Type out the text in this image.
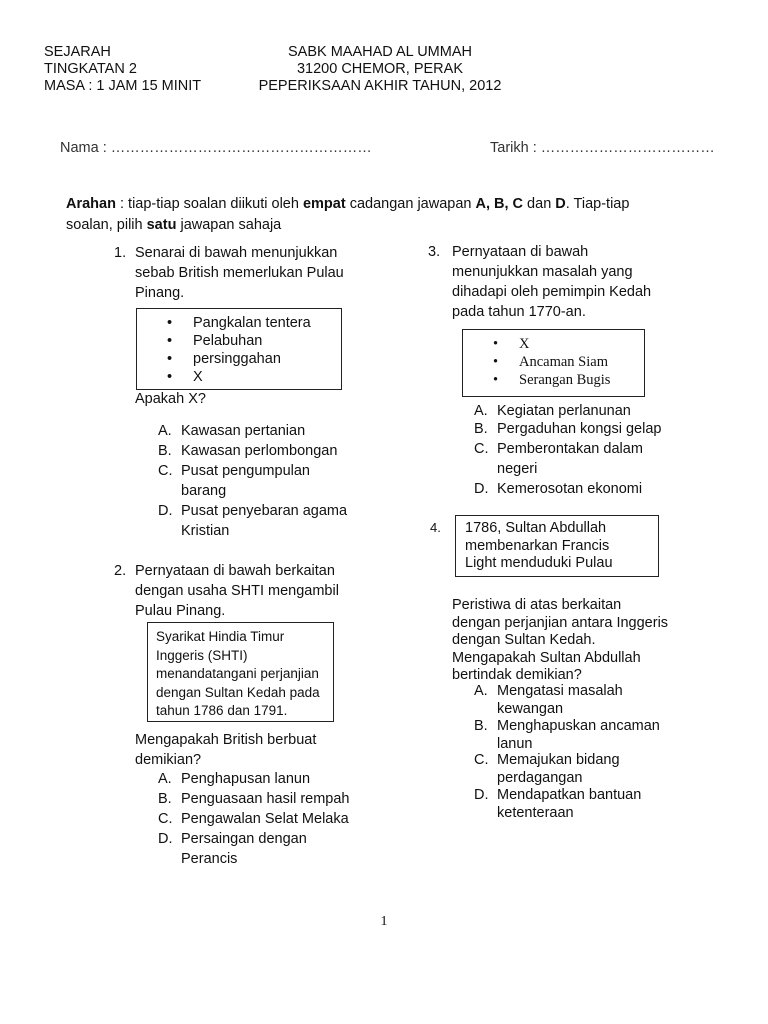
SEJARAH
TINGKATAN 2
MASA : 1 JAM 15 MINIT
SABK MAAHAD AL UMMAH
31200 CHEMOR, PERAK
PEPERIKSAAN AKHIR TAHUN, 2012
Nama : ………………………………………………	Tarikh : ………………………………
Arahan : tiap-tiap soalan diikuti oleh empat cadangan jawapan A, B, C dan D. Tiap-tiap soalan, pilih satu jawapan sahaja
1. Senarai di bawah menunjukkan
sebab British memerlukan Pulau
Pinang.
• Pangkalan tentera
• Pelabuhan
• persinggahan
• X
Apakah X?
A. Kawasan pertanian
B. Kawasan perlombongan
C. Pusat pengumpulan
barang
D. Pusat penyebaran agama
Kristian
2. Pernyataan di bawah berkaitan
dengan usaha SHTI mengambil
Pulau Pinang.
Syarikat Hindia Timur
Inggeris (SHTI)
menandatangani perjanjian
dengan Sultan Kedah pada
tahun 1786 dan 1791.
Mengapakah British berbuat
demikian?
A. Penghapusan lanun
B. Penguasaan hasil rempah
C. Pengawalan Selat Melaka
D. Persaingan dengan
Perancis
3. Pernyataan di bawah
menunjukkan masalah yang
dihadapi oleh pemimpin Kedah
pada tahun 1770-an.
• X
• Ancaman Siam
• Serangan Bugis
A. Kegiatan perlanunan
B. Pergaduhan kongsi gelap
C. Pemberontakan dalam
negeri
D. Kemerosotan ekonomi
4. 1786, Sultan Abdullah
membenarkan Francis
Light menduduki Pulau
Peristiwa di atas berkaitan
dengan perjanjian antara Inggeris
dengan Sultan Kedah.
Mengapakah Sultan Abdullah
bertindak demikian?
A. Mengatasi masalah
kewangan
B. Menghapuskan ancaman
lanun
C. Memajukan bidang
perdagangan
D. Mendapatkan bantuan
ketenteraan
1
